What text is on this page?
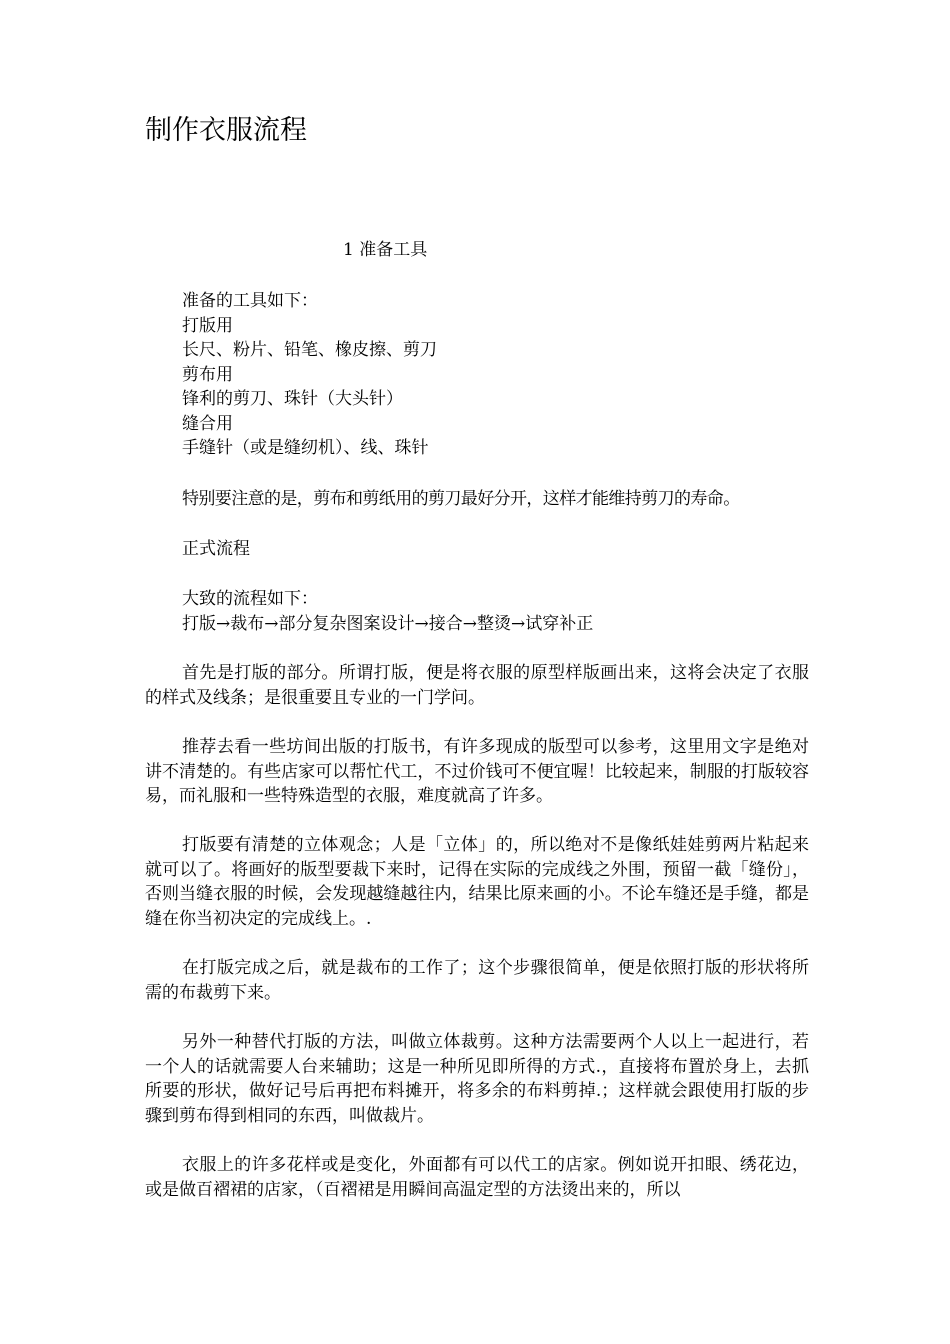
制作衣服流程
1 准备工具
准备的工具如下：
打版用
长尺、粉片、铅笔、橡皮擦、剪刀
剪布用
锋利的剪刀、珠针（大头针）
缝合用
手缝针（或是缝纫机）、线、珠针
特别要注意的是，剪布和剪纸用的剪刀最好分开，这样才能维持剪刀的寿命。
正式流程
大致的流程如下：
打版→裁布→部分复杂图案设计→接合→整烫→试穿补正
首先是打版的部分。所谓打版，便是将衣服的原型样版画出来，这将会决定了衣服的样式及线条；是很重要且专业的一门学问。
推荐去看一些坊间出版的打版书，有许多现成的版型可以参考，这里用文字是绝对讲不清楚的。有些店家可以帮忙代工，不过价钱可不便宜喔！比较起来，制服的打版较容易，而礼服和一些特殊造型的衣服，难度就高了许多。
打版要有清楚的立体观念；人是「立体」的，所以绝对不是像纸娃娃剪两片粘起来就可以了。将画好的版型要裁下来时，记得在实际的完成线之外围，预留一截「缝份」，否则当缝衣服的时候，会发现越缝越往内，结果比原来画的小。不论车缝还是手缝，都是缝在你当初决定的完成线上。.
在打版完成之后，就是裁布的工作了；这个步骤很简单，便是依照打版的形状将所需的布裁剪下来。
另外一种替代打版的方法，叫做立体裁剪。这种方法需要两个人以上一起进行，若一个人的话就需要人台来辅助；这是一种所见即所得的方式.，直接将布置於身上，去抓所要的形状，做好记号后再把布料摊开，将多余的布料剪掉.；这样就会跟使用打版的步骤到剪布得到相同的东西，叫做裁片。
衣服上的许多花样或是变化，外面都有可以代工的店家。例如说开扣眼、绣花边，或是做百褶裙的店家，（百褶裙是用瞬间高温定型的方法烫出来的，所以
